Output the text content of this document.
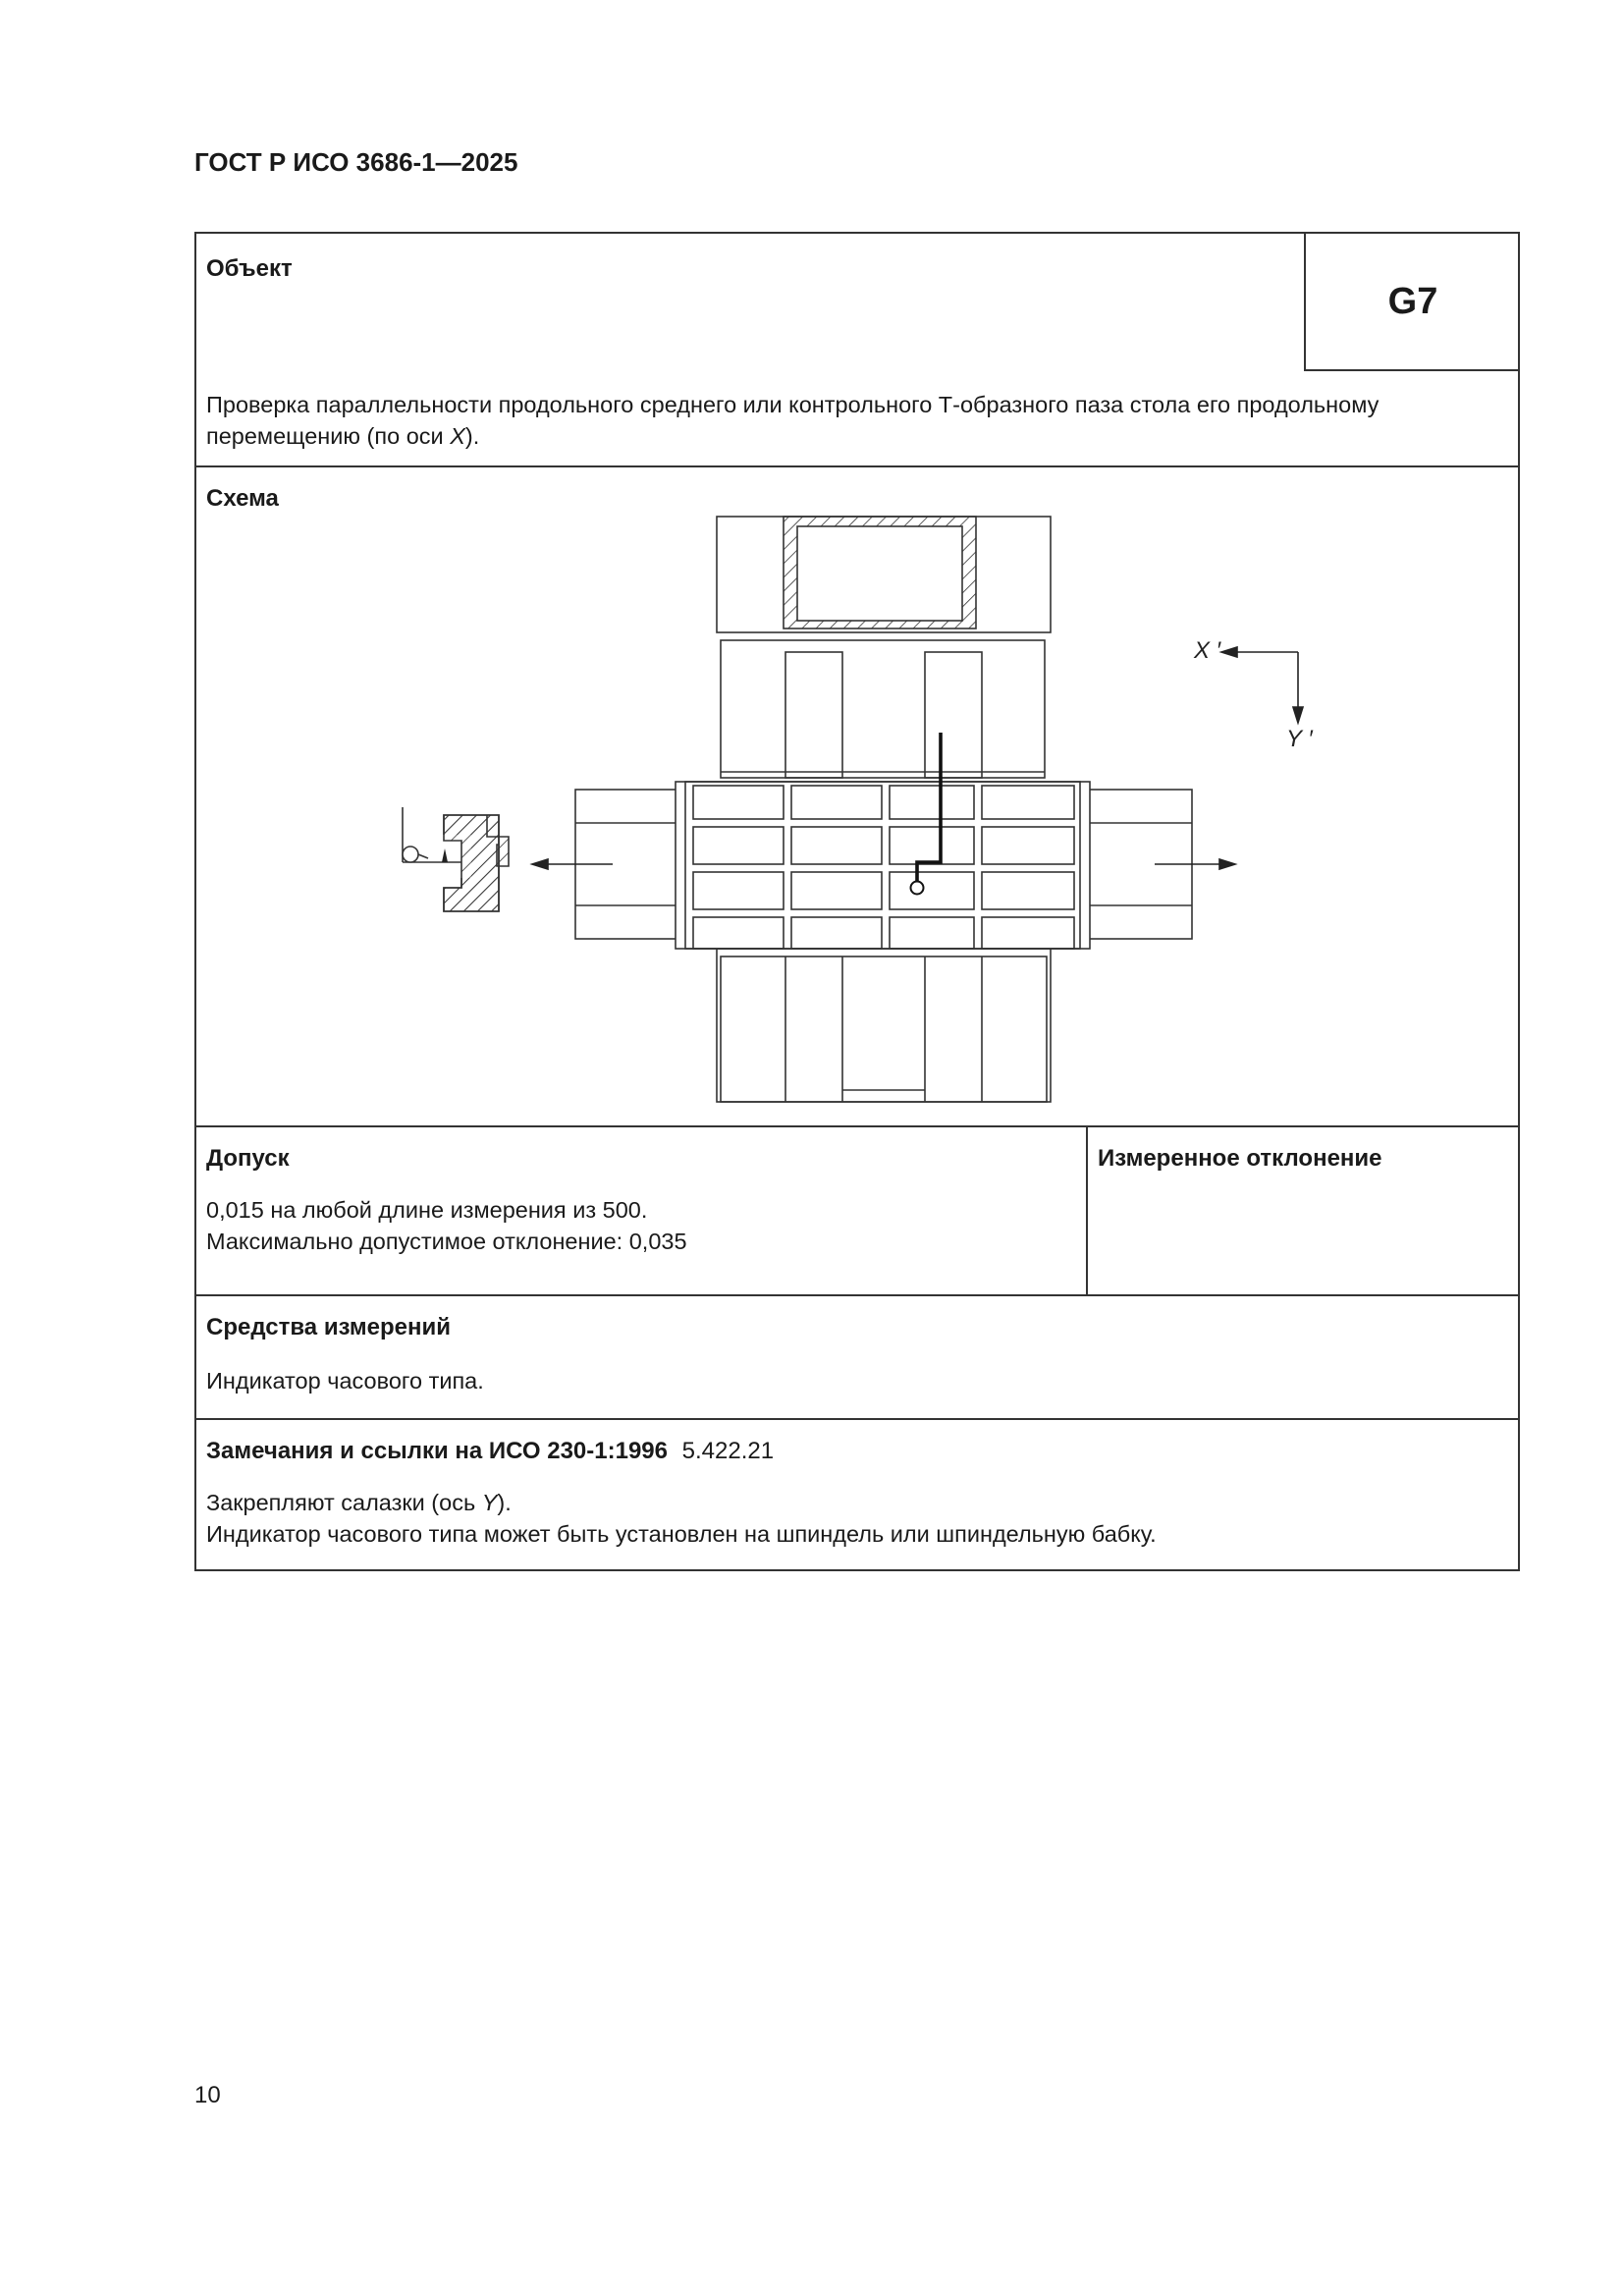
ГОСТ Р ИСО 3686-1—2025
Объект
G7
Проверка параллельности продольного среднего или контрольного Т-образного паза стола его продольному
перемещению (по оси X).
Схема
X ′
Y ′
Допуск
0,015 на любой длине измерения из 500.
Максимально допустимое отклонение: 0,035
Измеренное отклонение
Средства измерений
Индикатор часового типа.
Замечания и ссылки на ИСО 230-1:1996 5.422.21
Закрепляют салазки (ось Y).
Индикатор часового типа может быть установлен на шпиндель или шпиндельную бабку.
10
